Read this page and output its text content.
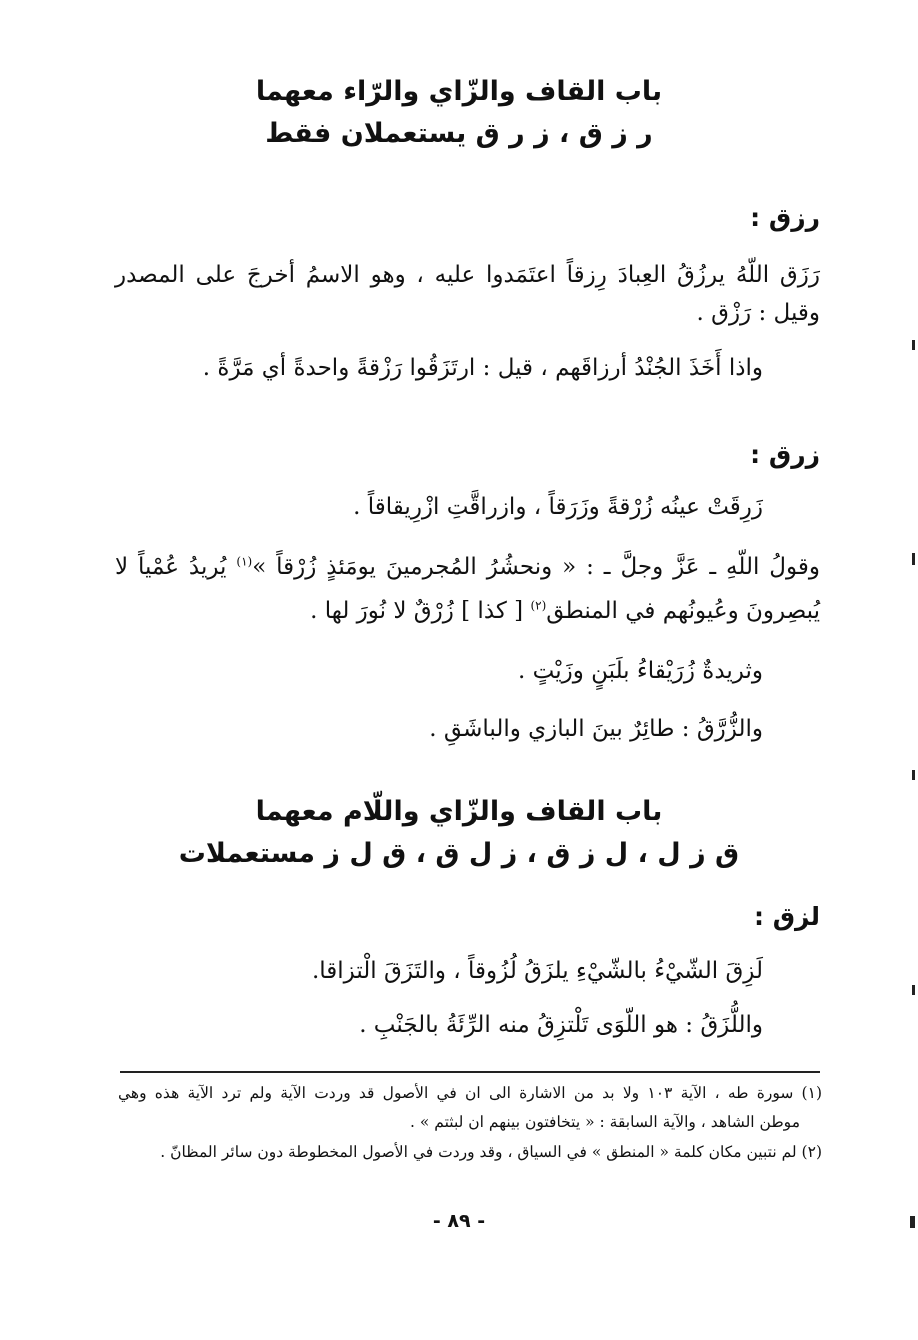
باب القاف والزّاي والرّاء معهما
ر ز ق ، ز ر ق يستعملان فقط
رزق :
رَزَق اللّهُ يرزُقُ العِبادَ رِزقاً اعتَمَدوا عليه ، وهو الاسمُ أخرجَ على المصدر
وقيل : رَزْق .
واذا أَخَذَ الجُنْدُ أرزاقَهم ، قيل : ارتَزَقُوا رَزْقةً واحدةً أي مَرَّةً .
زرق :
زَرِقَتْ عينُه زُرْقةً وزَرَقاً ، وازراقَّتِ ازْرِيقاقاً .
وقولُ اللّهِ ـ عَزَّ وجلَّ ـ : « ونحشُرُ المُجرمينَ يومَئذٍ زُرْقاً »$^{(١)}$ يُريدُ عُمْياً لا
يُبصِرونَ وعُيونُهم في المنطق$^{(٢)}$ [ كذا ] زُرْقٌ لا نُورَ لها .
وثريدةٌ زُرَيْقاءُ بلَبَنٍ وزَيْتٍ .
والزُّرَّقُ : طائِرٌ بينَ البازي والباشَقِ .
باب القاف والزّاي واللّام معهما
ق ز ل ، ل ز ق ، ز ل ق ، ق ل ز مستعملات
لزق :
لَزِقَ الشّيْءُ بالشّيْءِ يلزَقُ لُزُوقاً ، والتَزَقَ الْتزاقا.
واللُّزَقُ : هو اللّوَى تَلْتزِقُ منه الرِّئَةُ بالجَنْبِ .
(١) سورة طه ، الآية ١٠٣ ولا بد من الاشارة الى ان في الأصول قد وردت الآية ولم ترد الآية هذه وهي
موطن الشاهد ، والآية السابقة : « يتخافتون بينهم ان لبثتم » .
(٢) لم نتبين مكان كلمة « المنطق » في السياق ، وقد وردت في الأصول المخطوطة دون سائر المظانّ .
- ٨٩ -
